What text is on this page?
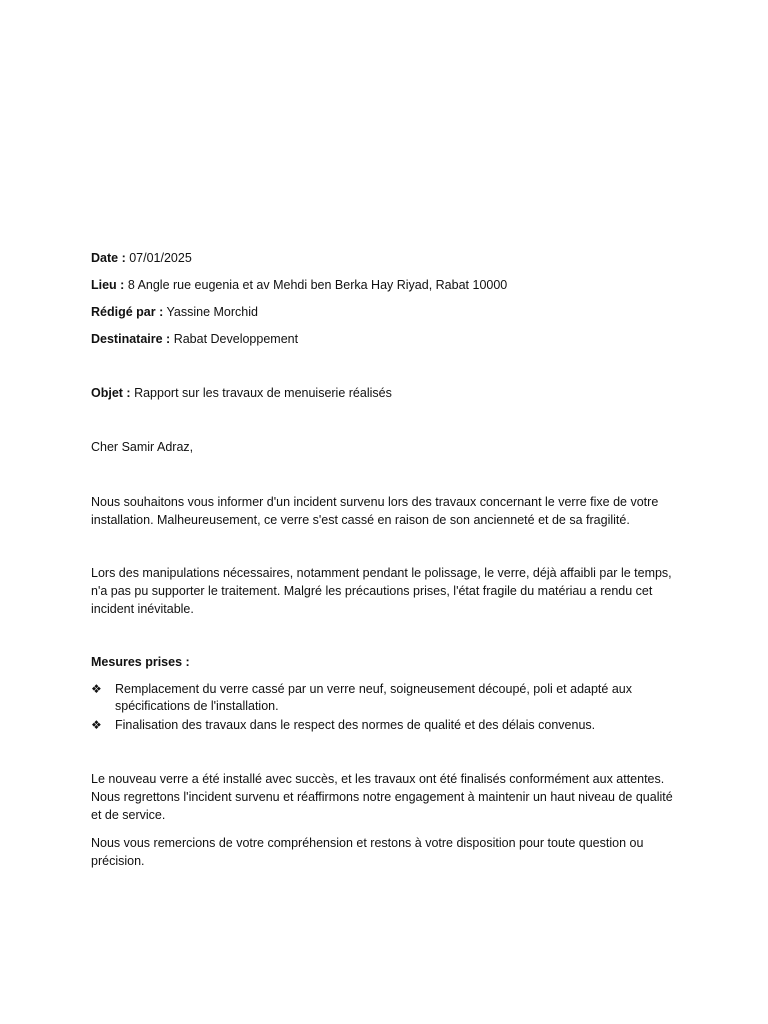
Date : 07/01/2025
Lieu : 8 Angle rue eugenia et av Mehdi ben Berka Hay Riyad, Rabat 10000
Rédigé par : Yassine Morchid
Destinataire : Rabat Developpement
Objet : Rapport sur les travaux de menuiserie réalisés
Cher Samir Adraz,

Nous souhaitons vous informer d'un incident survenu lors des travaux concernant le verre fixe de votre installation. Malheureusement, ce verre s'est cassé en raison de son ancienneté et de sa fragilité.

Lors des manipulations nécessaires, notamment pendant le polissage, le verre, déjà affaibli par le temps, n'a pas pu supporter le traitement. Malgré les précautions prises, l'état fragile du matériau a rendu cet incident inévitable.

Mesures prises :
❖ Remplacement du verre cassé par un verre neuf, soigneusement découpé, poli et adapté aux spécifications de l'installation.
❖ Finalisation des travaux dans le respect des normes de qualité et des délais convenus.

Le nouveau verre a été installé avec succès, et les travaux ont été finalisés conformément aux attentes. Nous regrettons l'incident survenu et réaffirmons notre engagement à maintenir un haut niveau de qualité et de service.

Nous vous remercions de votre compréhension et restons à votre disposition pour toute question ou précision.
